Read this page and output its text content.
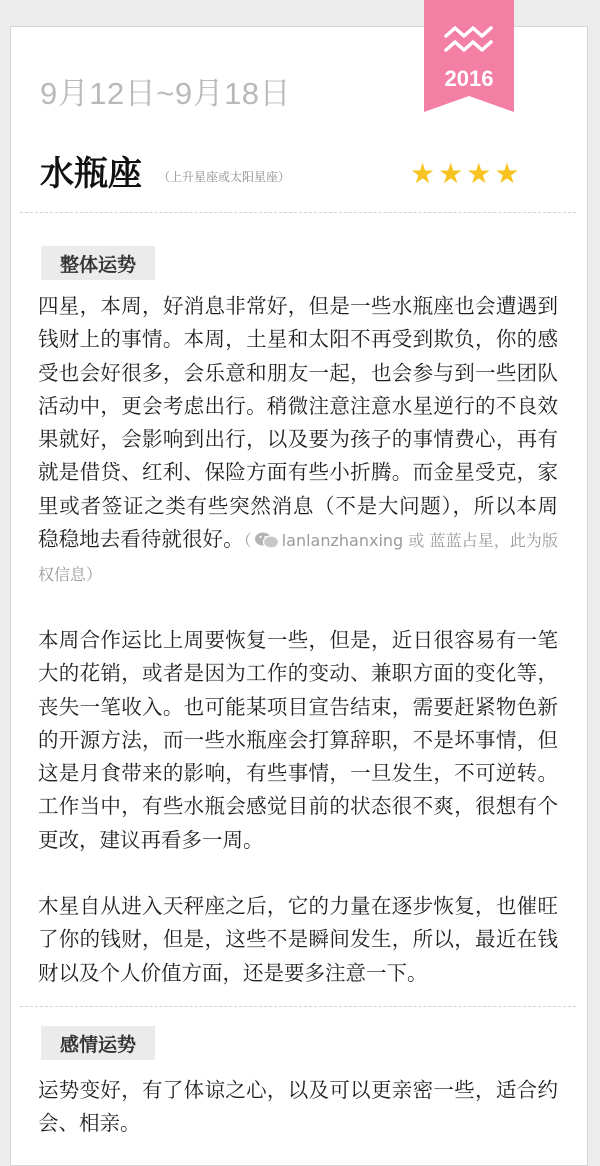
2016
9月12日~9月18日
水瓶座 （上升星座或太阳星座）	★ ★ ★ ★
整体运势
四星，本周，好消息非常好，但是一些水瓶座也会遭遇到钱财上的事情。本周，土星和太阳不再受到欺负，你的感受也会好很多，会乐意和朋友一起，也会参与到一些团队活动中，更会考虑出行。稍微注意注意水星逆行的不良效果就好，会影响到出行，以及要为孩子的事情费心，再有就是借贷、红利、保险方面有些小折腾。而金星受克，家里或者签证之类有些突然消息（不是大问题），所以本周稳稳地去看待就很好。（ lanlanzhanxing 或 蓝蓝占星，此为版权信息）
本周合作运比上周要恢复一些，但是，近日很容易有一笔大的花销，或者是因为工作的变动、兼职方面的变化等，丧失一笔收入。也可能某项目宣告结束，需要赶紧物色新的开源方法，而一些水瓶座会打算辞职，不是坏事情，但这是月食带来的影响，有些事情，一旦发生，不可逆转。工作当中，有些水瓶会感觉目前的状态很不爽，很想有个更改，建议再看多一周。
木星自从进入天秤座之后，它的力量在逐步恢复，也催旺了你的钱财，但是，这些不是瞬间发生，所以，最近在钱财以及个人价值方面，还是要多注意一下。
感情运势
运势变好，有了体谅之心，以及可以更亲密一些，适合约会、相亲。
